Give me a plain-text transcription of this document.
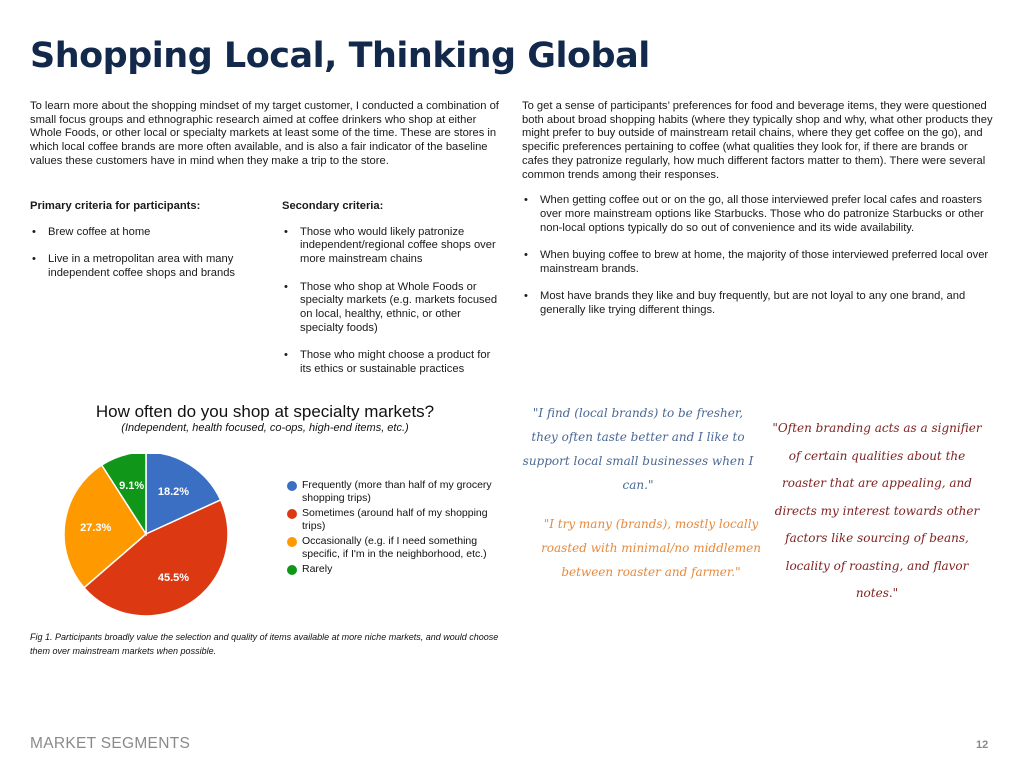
Shopping Local, Thinking Global
To learn more about the shopping mindset of my target customer, I conducted a combination of small focus groups and ethnographic research aimed at coffee drinkers who shop at either Whole Foods, or other local or specialty markets at least some of the time. These are stores in which local coffee brands are more often available, and is also a fair indicator of the baseline values these customers have in mind when they make a trip to the store.
Primary criteria for participants:
• Brew coffee at home
• Live in a metropolitan area with many independent coffee shops and brands
Secondary criteria:
• Those who would likely patronize independent/regional coffee shops over more mainstream chains
• Those who shop at Whole Foods or specialty markets (e.g. markets focused on local, healthy, ethnic, or other specialty foods)
• Those who might choose a product for its ethics or sustainable practices
To get a sense of participants’ preferences for food and beverage items, they were questioned both about broad shopping habits (where they typically shop and why, what other products they might prefer to buy outside of mainstream retail chains, where they get coffee on the go), and specific preferences pertaining to coffee (what qualities they look for, if there are brands or cafes they patronize regularly, how much different factors matter to them). There were several common trends among their responses.
• When getting coffee out or on the go, all those interviewed prefer local cafes and roasters over more mainstream options like Starbucks. Those who do patronize Starbucks or other non-local options typically do so out of convenience and its wide availability.
• When buying coffee to brew at home, the majority of those interviewed preferred local over mainstream brands.
• Most have brands they like and buy frequently, but are not loyal to any one brand, and generally like trying different things.
How often do you shop at specialty markets?
(Independent, health focused, co-ops, high-end items, etc.)
18.2%
45.5%
27.3%
9.1%	Frequently (more than half of my grocery shopping trips)
Sometimes (around half of my shopping trips)
Occasionally (e.g. if I need something specific, if I'm in the neighborhood, etc.)
Rarely
Fig 1. Participants broadly value the selection and quality of items available at more niche markets, and would choose them over mainstream markets when possible.
"I find (local brands) to be fresher, they often taste better and I like to support local small businesses when I can."
"I try many (brands), mostly locally roasted with minimal/no middlemen between roaster and farmer."
"Often branding acts as a signifier of certain qualities about the roaster that are appealing, and directs my interest towards other factors like sourcing of beans, locality of roasting, and flavor notes."
MARKET SEGMENTS	12
